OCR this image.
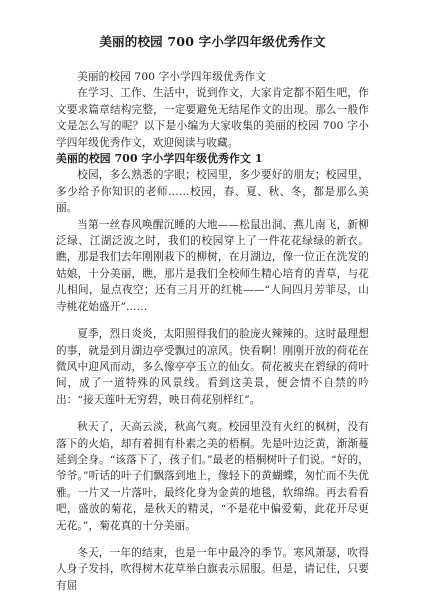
美丽的校园 700 字小学四年级优秀作文

美丽的校园 700 字小学四年级优秀作文

在学习、工作、生活中，说到作文，大家肯定都不陌生吧，作文要求篇章结构完整，一定要避免无结尾作文的出现。那么一般作文是怎么写的呢？以下是小编为大家收集的美丽的校园 700 字小学四年级优秀作文，欢迎阅读与收藏。

美丽的校园 700 字小学四年级优秀作文 1

校园，多么熟悉的字眼；校园里，多少要好的朋友；校园里，多少给予你知识的老师……校园，春、夏、秋、冬，都是那么美丽。

当第一丝春风唤醒沉睡的大地——松鼠出洞、燕儿南飞，新柳泛绿、江湖泛波之时，我们的校园穿上了一件花花绿绿的新衣。瞧，那是我们去年刚刚栽下的柳树，在月湖边，像一位正在洗发的姑娘，十分美丽，瞧，那片是我们全校师生精心培育的青草，与花儿相间，显点夜空；还有三月开的红桃——“人间四月芳菲尽，山寺桃花始盛开”……

夏季，烈日炎炎，太阳照得我们的脸庞火辣辣的。这时最理想的事，就是到月湖边亭受飘过的凉风。快看啊！刚刚开放的荷花在微风中迎风而动，多么像亭亭玉立的仙女。荷花被夹在碧绿的荷叶间，成了一道特殊的风景线。看到这美景，便会情不自禁的吟出：“接天莲叶无穷碧，映日荷花别样红”。

秋天了，天高云淡，秋高气爽。校园里没有火红的枫树，没有落下的火焰，却有着拥有朴素之美的梧桐。先是叶边泛黄，渐渐蔓延到全身。“该落下了，孩子们。”最老的梧桐树叶子们说。“好的，爷爷。”听话的叶子们飘落到地上，像轻下的黄蝴蝶，匆忙而不失优雅。一片又一片落叶，最终化身为金黄的地毯，软绵绵。再去看看吧，盛放的菊花，是秋天的精灵，“不是花中偏爱菊，此花开尽更无花。”，菊花真的十分美丽。

冬天，一年的结束，也是一年中最冷的季节。寒风萧瑟，吹得人身子发抖，吹得树木花草举白旗表示屈服。但是，请记住，只要有屈
